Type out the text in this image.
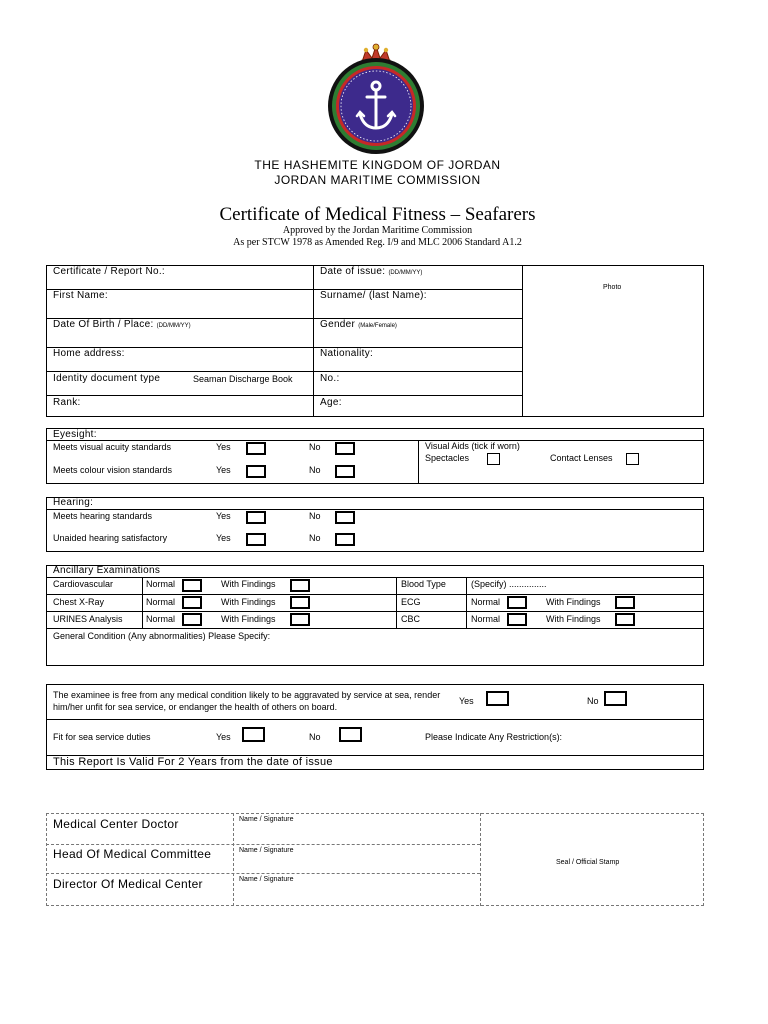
THE HASHEMITE KINGDOM OF JORDAN
JORDAN MARITIME COMMISSION
Certificate of Medical Fitness – Seafarers
Approved by the Jordan Maritime Commission
As per STCW 1978 as Amended Reg. I/9 and MLC 2006 Standard A1.2
Certificate / Report No.:	Date of issue: (DD/MM/YY)
Photo
First Name:	Surname/ (last Name):
Date Of Birth / Place: (DD/MM/YY)	Gender (Male/Female)
Home address:	Nationality:
Identity document type	Seaman Discharge Book	No.:
Rank:	Age:
Eyesight:
Meets visual acuity standards	Yes	No
Meets colour vision standards	Yes	No
Visual Aids (tick if worn)
Spectacles	Contact Lenses
Hearing:
Meets hearing standards	Yes	No
Unaided hearing satisfactory	Yes	No
Ancillary Examinations
Cardiovascular	Normal	With Findings	Blood Type	(Specify) ...............
Chest X-Ray	Normal	With Findings	ECG	Normal	With Findings
URINES Analysis	Normal	With Findings	CBC	Normal	With Findings
General Condition (Any abnormalities) Please Specify:
The examinee is free from any medical condition likely to be aggravated by service at sea, render him/her unfit for sea service, or endanger the health of others on board.
Yes	No
Fit for sea service duties	Yes	No	Please Indicate Any Restriction(s):
This Report Is Valid For 2 Years from the date of issue
Medical Center Doctor	Name / Signature
Head Of Medical Committee	Name / Signature
Director Of Medical Center	Name / Signature
Seal / Official Stamp
